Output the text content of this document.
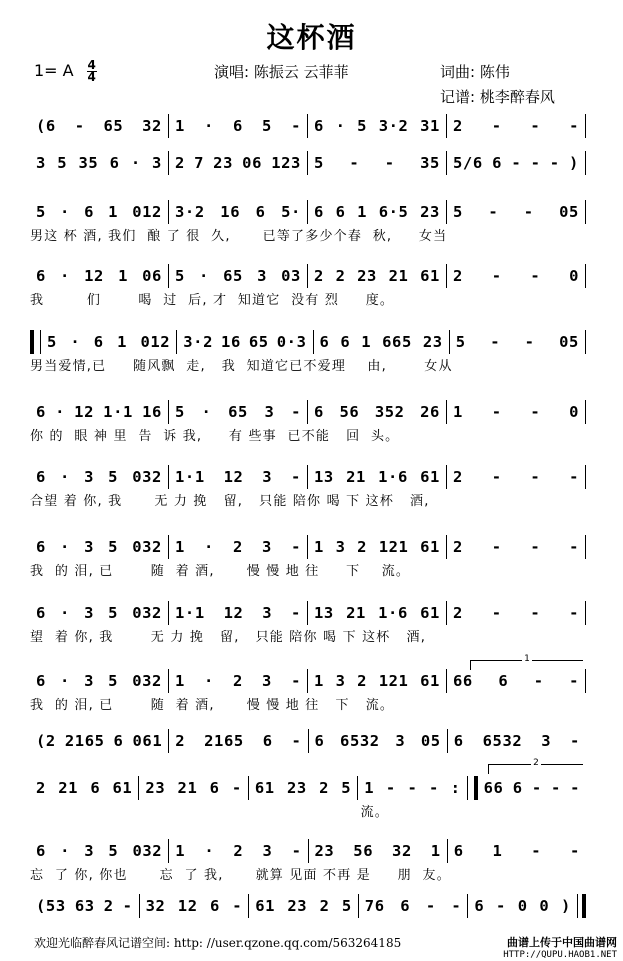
这杯酒
1= A $\frac{4}{4}$	演唱: 陈振云 云菲菲	词曲: 陈伟
记谱: 桃李醉春风
(6 - 65 32 1 · 6 5 - 6 · 5 3·2 31 2 - - -
3 5 35 6 · 3 2 7 23 06 123 5 - - 35 5/6 6 - - - )
5 · 6 1 012 3·2 16 6 5· 6 6 1 6·5 23 5 - - 05
男这 杯 酒, 我们  酿 了 很  久,      已等了多少个春  秋,     女当
6 · 12 1 06 5 · 65 3 03 2 2 23 21 61 2 - - 0
我        们       喝  过  后, 才  知道它  没有 烈     度。
5 · 6 1 012 3·2 16 65 0·3 6 6 1 665 23 5 - - 05
男当爱情,已     随风飘  走,   我  知道它已不爱理    由,       女从
6 · 12 1·1 16 5 · 65 3 - 6 56 352 26 1 - - 0
你 的  眼 神 里  告  诉 我,     有 些事  已不能   回  头。
6 · 3 5 032 1·1 12 3 - 13 21 1·6 61 2 - - -
合望 着 你, 我      无 力 挽   留,   只能 陪你 喝 下 这杯   酒,
6 · 3 5 032 1 · 2 3 - 1 3 2 121 61 2 - - -
我  的 泪, 已       随  着 酒,      慢 慢 地 往     下    流。
6 · 3 5 032 1·1 12 3 - 13 21 1·6 61 2 - - -
望  着 你, 我       无 力 挽   留,   只能 陪你 喝 下 这杯   酒,
6 · 3 5 032 1 · 2 3 - 1 3 2 121 61 66 6 - -
我  的 泪, 已       随  着 酒,      慢 慢 地 往   下   流。
(2 2165 6 061 2 2165 6 - 6 6532 3 05 6 6532 3 -
2 21 6 61 23 21 6 - 61 23 2 5 1 - - - : 66 6 - - -
流。
6 · 3 5 032 1 · 2 3 - 23 56 32 1 6 1 - -
忘  了 你, 你也      忘  了 我,      就算 见面 不再 是     朋  友。
(53 63 2 - 32 12 6 - 61 23 2 5 76 6 - - 6 - 0 0 )
欢迎光临醉春风记谱空间: http: //user.qzone.qq.com/563264185	曲谱上传于中国曲谱网
HTTP://QUPU.HAOB1.NET
1
2
